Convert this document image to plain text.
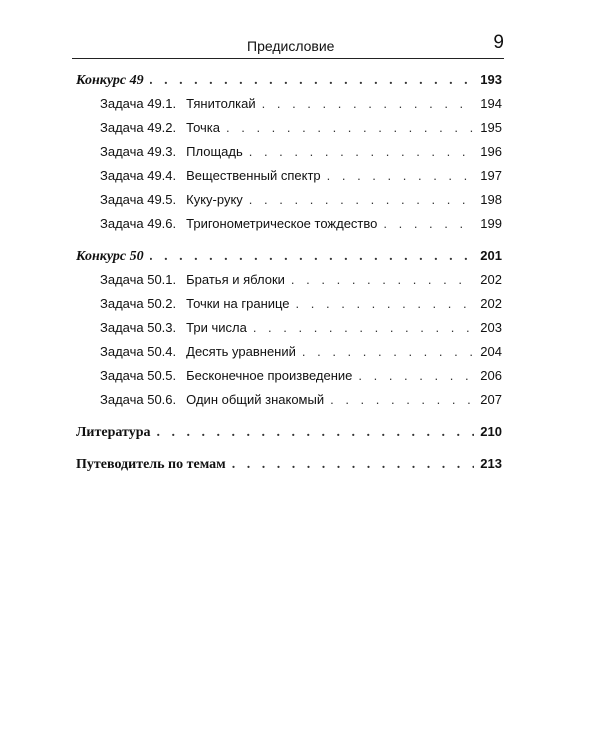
Предисловие	9
Конкурс 49 . . .	193
Задача 49.1. Тянитолкай . . .	194
Задача 49.2. Точка . . .	195
Задача 49.3. Площадь . . .	196
Задача 49.4. Вещественный спектр . . .	197
Задача 49.5. Куку-руку . . .	198
Задача 49.6. Тригонометрическое тождество . . .	199
Конкурс 50 . . .	201
Задача 50.1. Братья и яблоки . . .	202
Задача 50.2. Точки на границе . . .	202
Задача 50.3. Три числа . . .	203
Задача 50.4. Десять уравнений . . .	204
Задача 50.5. Бесконечное произведение . . .	206
Задача 50.6. Один общий знакомый . . .	207
Литература . . .	210
Путеводитель по темам . . .	213
